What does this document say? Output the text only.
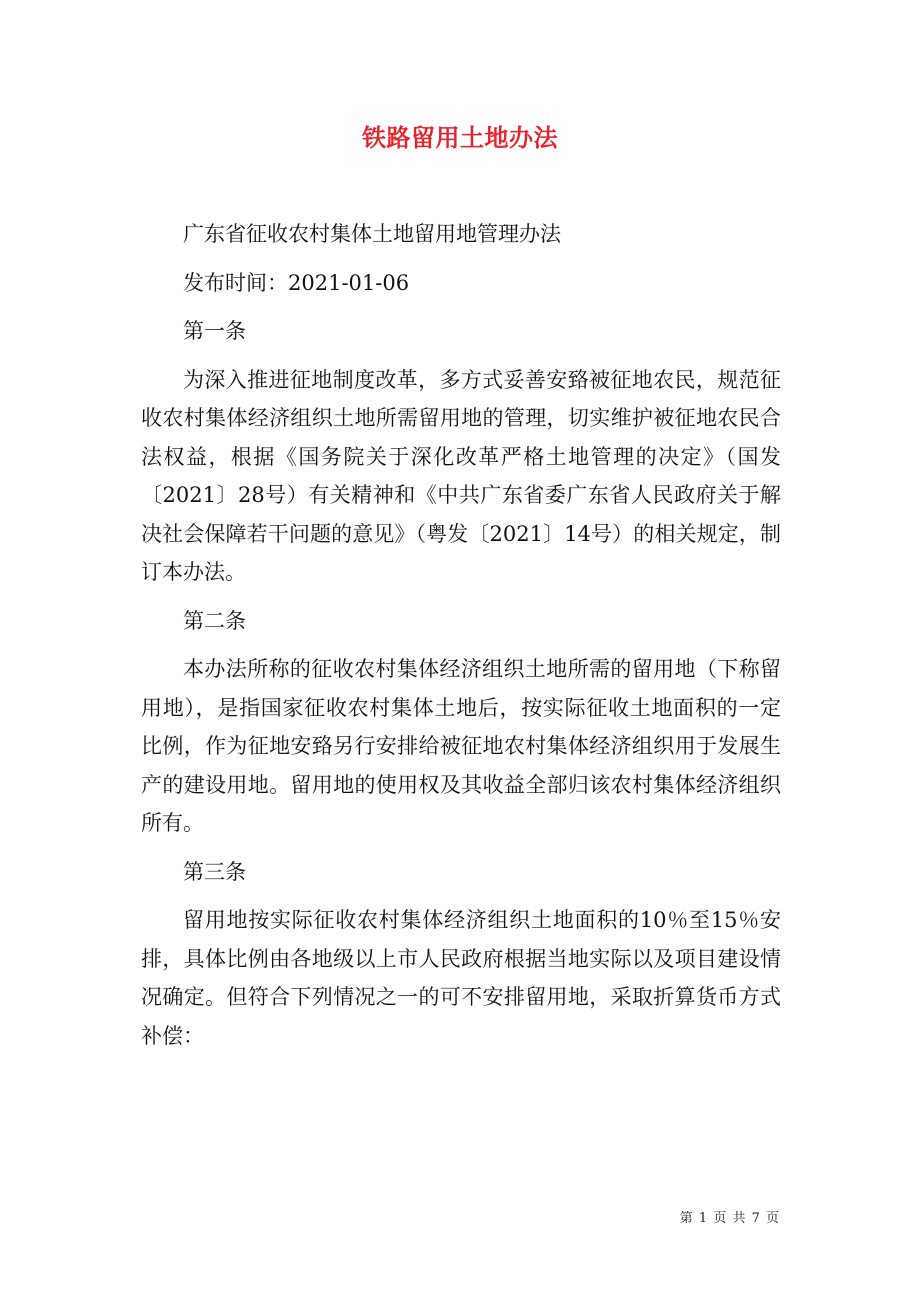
铁路留用土地办法

广东省征收农村集体土地留用地管理办法

发布时间：2021-01-06

第一条

为深入推进征地制度改革，多方式妥善安臵被征地农民，规范征收农村集体经济组织土地所需留用地的管理，切实维护被征地农民合法权益，根据《国务院关于深化改革严格土地管理的决定》（国发〔2021〕28号）有关精神和《中共广东省委广东省人民政府关于解决社会保障若干问题的意见》（粤发〔2021〕14号）的相关规定，制订本办法。

第二条

本办法所称的征收农村集体经济组织土地所需的留用地（下称留用地），是指国家征收农村集体土地后，按实际征收土地面积的一定比例，作为征地安臵另行安排给被征地农村集体经济组织用于发展生产的建设用地。留用地的使用权及其收益全部归该农村集体经济组织所有。

第三条

留用地按实际征收农村集体经济组织土地面积的10％至15％安排，具体比例由各地级以上市人民政府根据当地实际以及项目建设情况确定。但符合下列情况之一的可不安排留用地，采取折算货币方式补偿：

第 1 页 共 7 页
